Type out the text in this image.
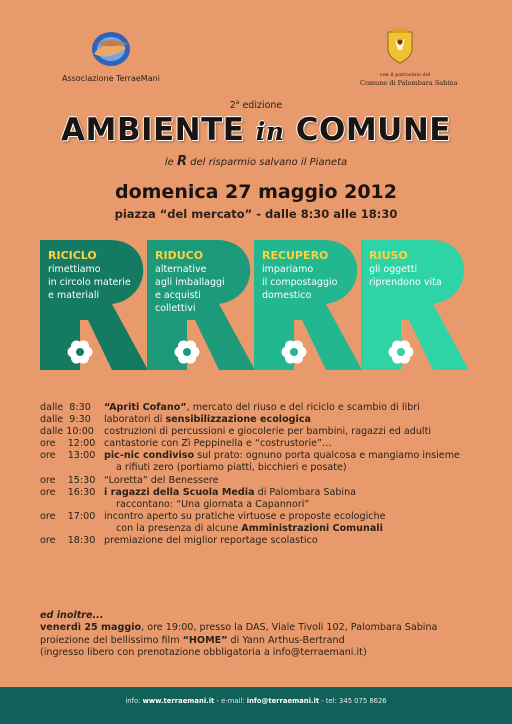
Associazione TerraeMani	con il patrocinio del
Comune di Palombara Sabina
2$^a$ edizione
AMBIENTE in COMUNE
le R del risparmio salvano il Pianeta
domenica 27 maggio 2012
piazza “del mercato” - dalle 8:30 alle 18:30
RICICLO
rimettiamo
in circolo materie
e materiali
RIDUCO
alternative
agli imballaggi
e acquisti
collettivi
RECUPERO
impariamo
il compostaggio
domestico
RIUSO
gli oggetti
riprendono vita
dalle  8:30	“Apriti Cofano”, mercato del riuso e del riciclo e scambio di libri
dalle  9:30	laboratori di sensibilizzazione ecologica
dalle 10:00	costruzioni di percussioni e giocolerie per bambini, ragazzi ed adulti
ore    12:00 cantastorie con Zì Peppinella e “costrustorie”…
ore    13:00 pic-nic condiviso sul prato: ognuno porta qualcosa e mangiamo insieme
a rifiuti zero (portiamo piatti, bicchieri e posate)
ore    15:30 “Loretta” del Benessere
ore    16:30 i ragazzi della Scuola Media di Palombara Sabina
raccontano: “Una giornata a Capannori”
ore    17:00 incontro aperto su pratiche virtuose e proposte ecologiche
con la presenza di alcune Amministrazioni Comunali
ore    18:30 premiazione del miglior reportage scolastico
ed inoltre...
venerdì 25 maggio, ore 19:00, presso la DAS, Viale Tivoli 102, Palombara Sabina
proiezione del bellissimo film “HOME” di Yann Arthus-Bertrand
(ingresso libero con prenotazione obbligatoria a info@terraemani.it)
info: www.terraemani.it - e-mail: info@terraemani.it - tel: 345 075 8626
